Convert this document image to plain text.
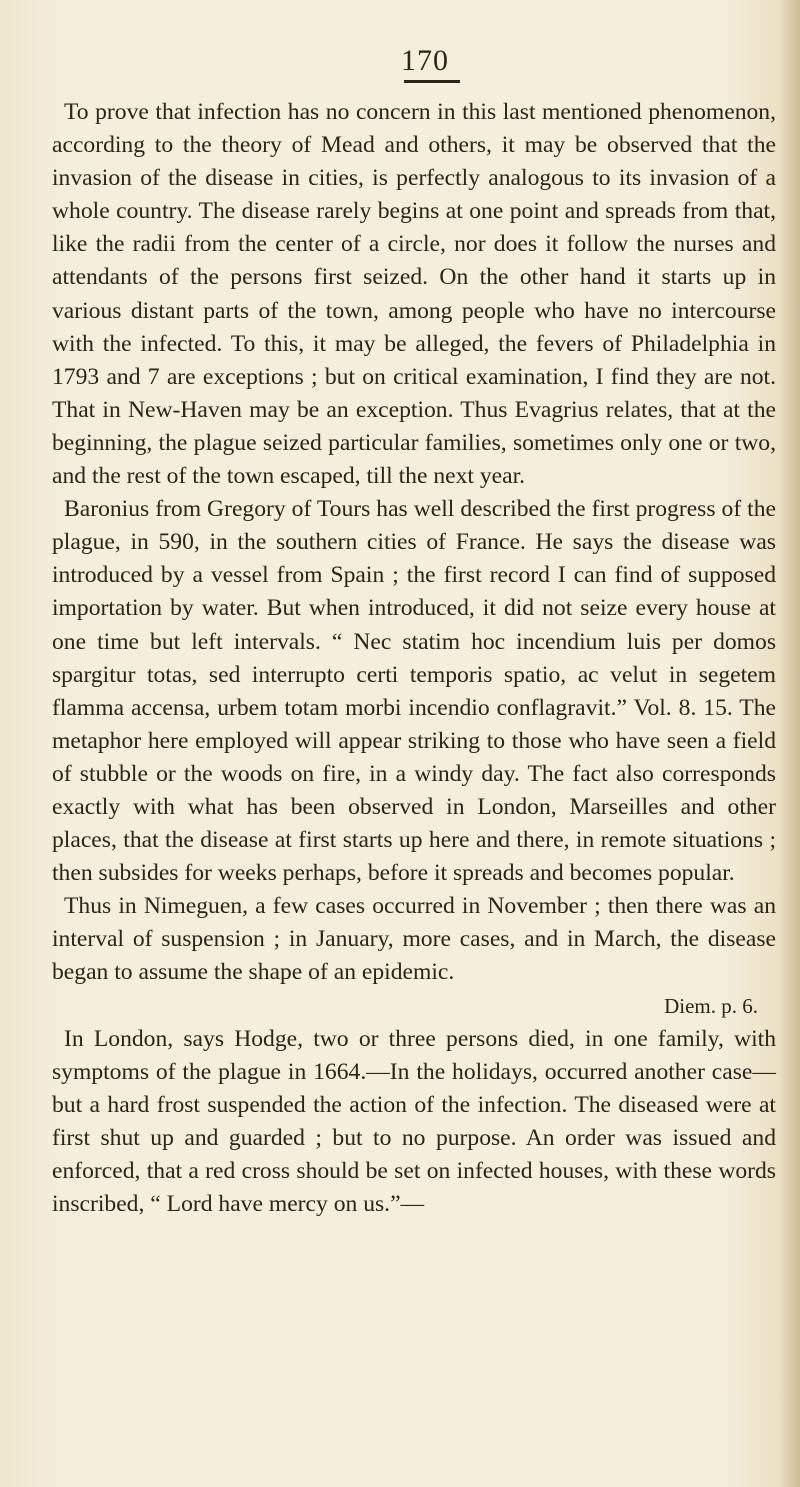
170

To prove that infection has no concern in this last mentioned phenomenon, according to the theory of Mead and others, it may be observed that the invasion of the disease in cities, is perfectly analogous to its invasion of a whole country. The disease rarely begins at one point and spreads from that, like the radii from the center of a circle, nor does it follow the nurses and attendants of the persons first seized. On the other hand it starts up in various distant parts of the town, among people who have no intercourse with the infected. To this, it may be alleged, the fevers of Philadelphia in 1793 and 7 are exceptions ; but on critical examination, I find they are not. That in New-Haven may be an exception. Thus Evagrius relates, that at the beginning, the plague seized particular families, sometimes only one or two, and the rest of the town escaped, till the next year.

Baronius from Gregory of Tours has well described the first progress of the plague, in 590, in the southern cities of France. He says the disease was introduced by a vessel from Spain ; the first record I can find of supposed importation by water. But when introduced, it did not seize every house at one time but left intervals. “ Nec statim hoc incendium luis per domos spargitur totas, sed interrupto certi temporis spatio, ac velut in segetem flamma accensa, urbem totam morbi incendio conflagravit.” Vol. 8. 15. The metaphor here employed will appear striking to those who have seen a field of stubble or the woods on fire, in a windy day. The fact also corresponds exactly with what has been observed in London, Marseilles and other places, that the disease at first starts up here and there, in remote situations ; then subsides for weeks perhaps, before it spreads and becomes popular.

Thus in Nimeguen, a few cases occurred in November ; then there was an interval of suspension ; in January, more cases, and in March, the disease began to assume the shape of an epidemic.

Diem. p. 6.

In London, says Hodge, two or three persons died, in one family, with symptoms of the plague in 1664.—In the holidays, occurred another case—but a hard frost suspended the action of the infection. The diseased were at first shut up and guarded ; but to no purpose. An order was issued and enforced, that a red cross should be set on infected houses, with these words inscribed, “ Lord have mercy on us.”—
